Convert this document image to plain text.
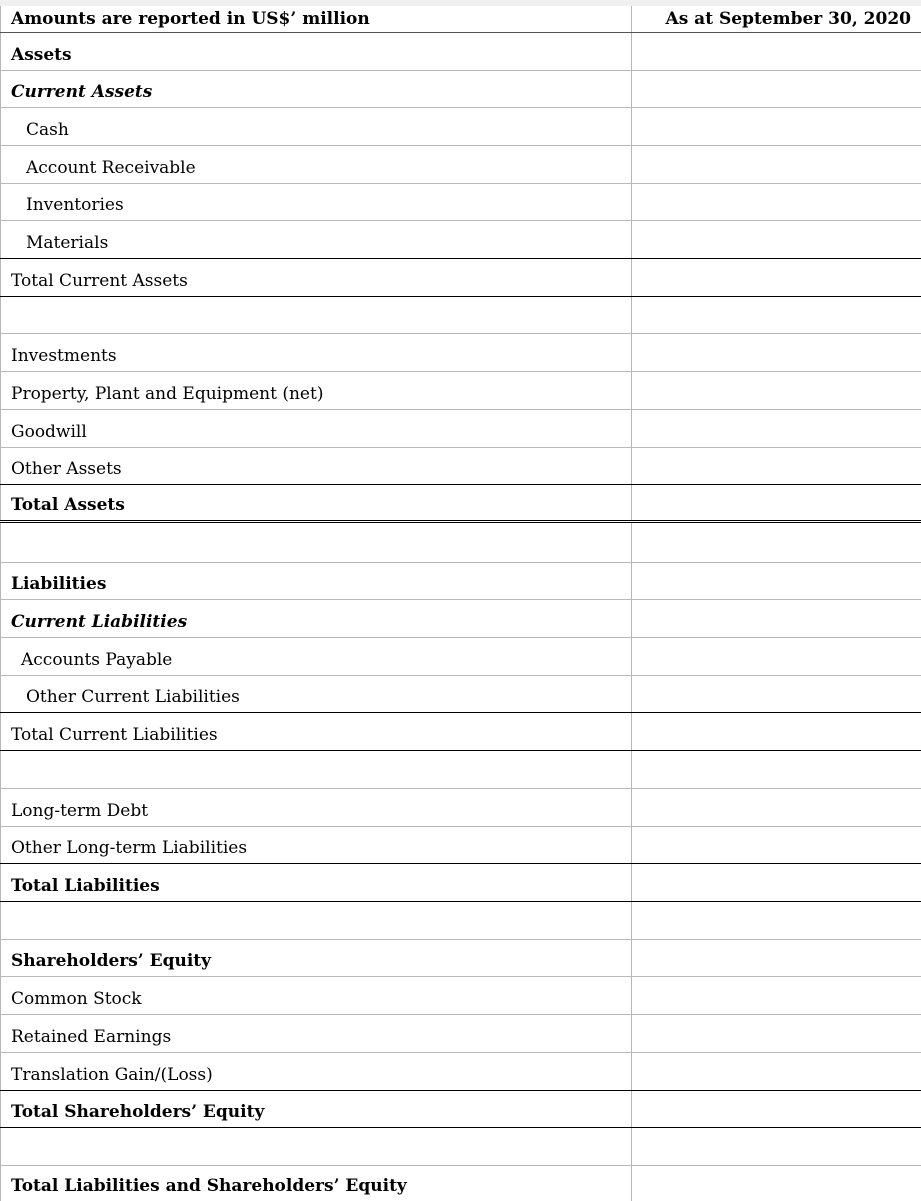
Amounts are reported in US$’ million	As at September 30, 2020
Assets
Current Assets
Cash
Account Receivable
Inventories
Materials
Total Current Assets
Investments
Property, Plant and Equipment (net)
Goodwill
Other Assets
Total Assets
Liabilities
Current Liabilities
Accounts Payable
Other Current Liabilities
Total Current Liabilities
Long-term Debt
Other Long-term Liabilities
Total Liabilities
Shareholders’ Equity
Common Stock
Retained Earnings
Translation Gain/(Loss)
Total Shareholders’ Equity
Total Liabilities and Shareholders’ Equity
